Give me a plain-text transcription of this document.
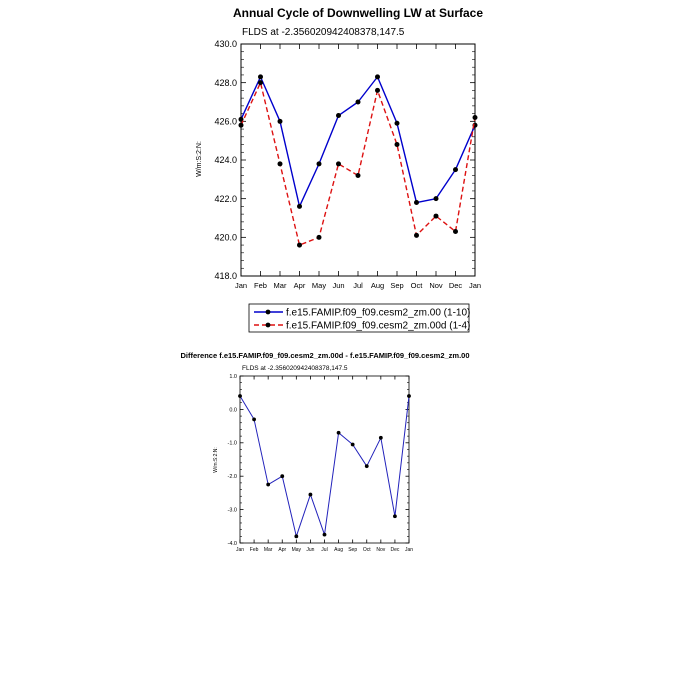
Annual Cycle of Downwelling LW at Surface
FLDS at -2.356020942408378,147.5
W/m:S:2:N:
418.0
420.0
422.0
424.0
426.0
428.0
430.0
Jan Feb Mar Apr May Jun Jul Aug Sep Oct Nov Dec Jan
f.e15.FAMIP.f09_f09.cesm2_zm.00 (1-10)
f.e15.FAMIP.f09_f09.cesm2_zm.00d (1-4)
Difference f.e15.FAMIP.f09_f09.cesm2_zm.00d - f.e15.FAMIP.f09_f09.cesm2_zm.00
FLDS at -2.356020942408378,147.5
W/m:S:2:N:
-4.0
-3.0
-2.0
-1.0
0.0
1.0
Jan Feb Mar Apr May Jun Jul Aug Sep Oct Nov Dec Jan
